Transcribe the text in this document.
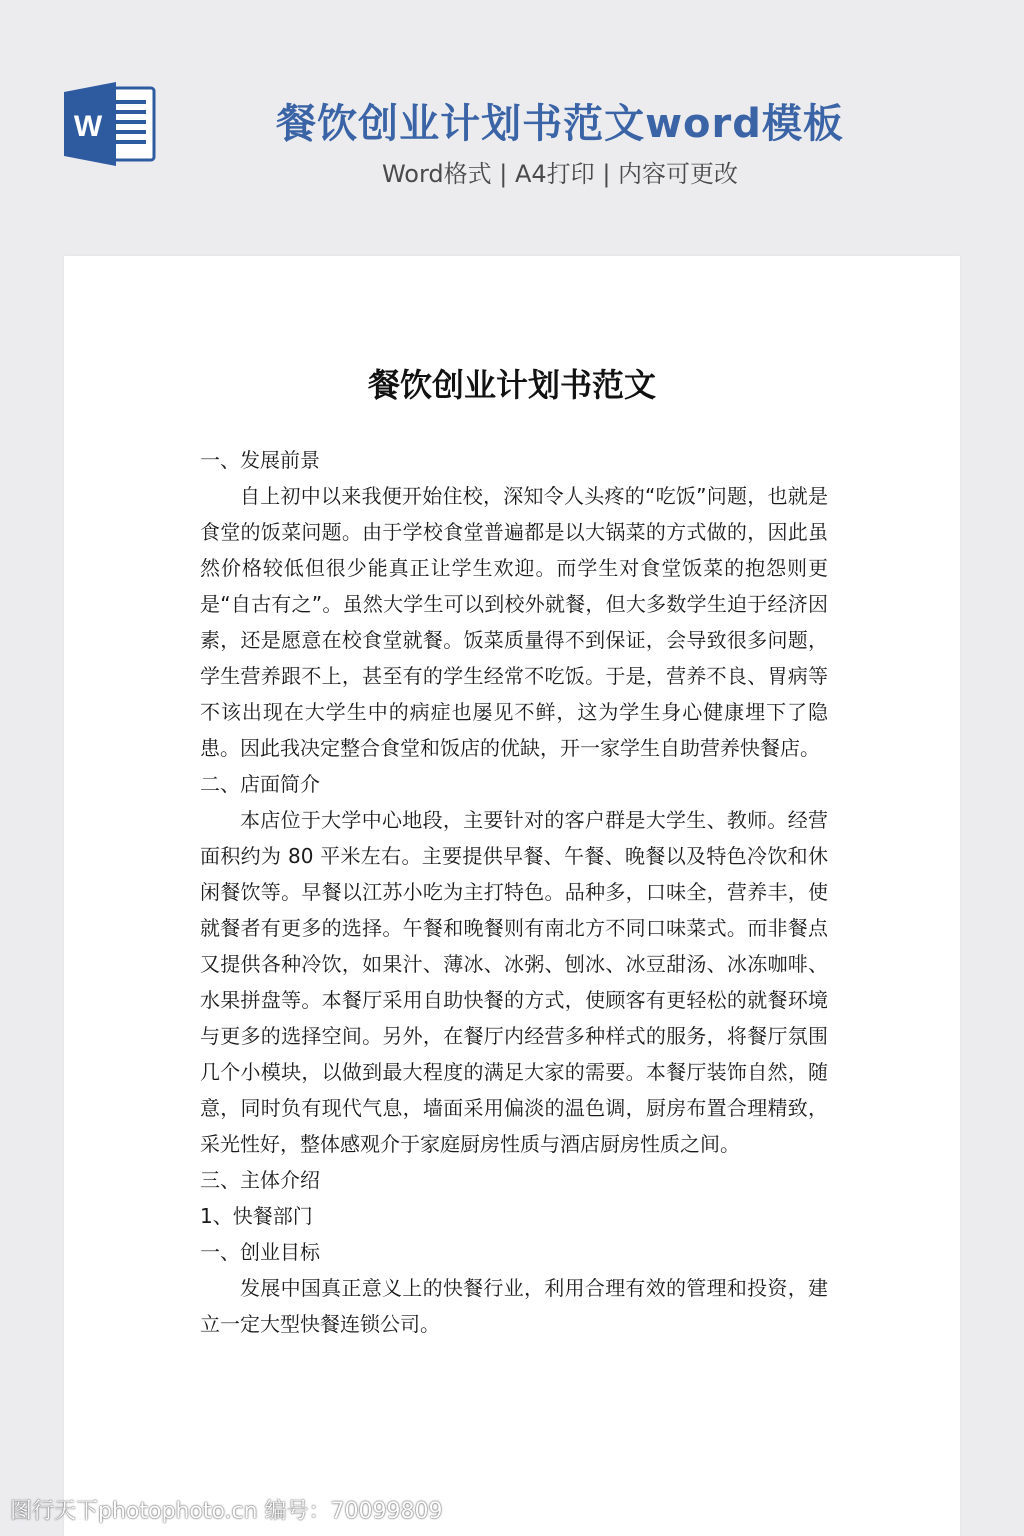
W	餐饮创业计划书范文word模板
Word格式 | A4打印 | 内容可更改
餐饮创业计划书范文

一、发展前景

自上初中以来我便开始住校，深知令人头疼的“吃饭”问题，也就是食堂的饭菜问题。由于学校食堂普遍都是以大锅菜的方式做的，因此虽然价格较低但很少能真正让学生欢迎。而学生对食堂饭菜的抱怨则更是“自古有之”。虽然大学生可以到校外就餐，但大多数学生迫于经济因素，还是愿意在校食堂就餐。饭菜质量得不到保证，会导致很多问题，学生营养跟不上，甚至有的学生经常不吃饭。于是，营养不良、胃病等不该出现在大学生中的病症也屡见不鲜，这为学生身心健康埋下了隐患。因此我决定整合食堂和饭店的优缺，开一家学生自助营养快餐店。

二、店面简介

本店位于大学中心地段，主要针对的客户群是大学生、教师。经营面积约为 80 平米左右。主要提供早餐、午餐、晚餐以及特色冷饮和休闲餐饮等。早餐以江苏小吃为主打特色。品种多，口味全，营养丰，使就餐者有更多的选择。午餐和晚餐则有南北方不同口味菜式。而非餐点又提供各种冷饮，如果汁、薄冰、冰粥、刨冰、冰豆甜汤、冰冻咖啡、水果拼盘等。本餐厅采用自助快餐的方式，使顾客有更轻松的就餐环境与更多的选择空间。另外，在餐厅内经营多种样式的服务，将餐厅氛围几个小模块，以做到最大程度的满足大家的需要。本餐厅装饰自然，随意，同时负有现代气息，墙面采用偏淡的温色调，厨房布置合理精致，采光性好，整体感观介于家庭厨房性质与酒店厨房性质之间。

三、主体介绍

1、快餐部门

一、创业目标

发展中国真正意义上的快餐行业，利用合理有效的管理和投资，建立一定大型快餐连锁公司。

图行天下photophoto.cn 编号：70099809
